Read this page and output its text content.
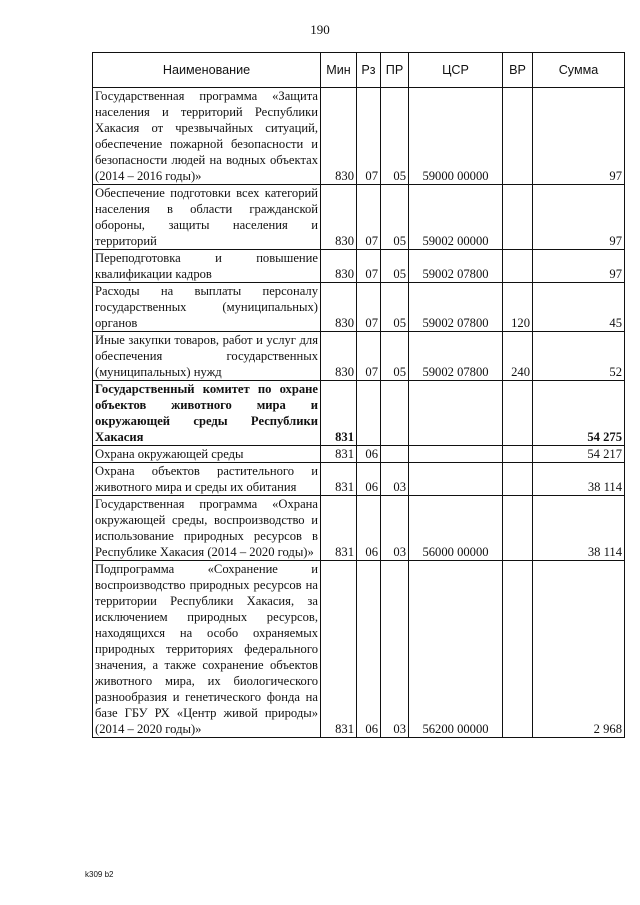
190
Наименование	Мин	Рз	ПР	ЦСР	ВР	Сумма
Государственная программа «Защита населения и территорий Республики Хакасия от чрезвычайных ситуаций, обеспечение пожарной безопасности и безопасности людей на водных объектах (2014 – 2016 годы)»	830	07	05	59000 00000		97
Обеспечение подготовки всех категорий населения в области гражданской обороны, защиты населения и территорий	830	07	05	59002 00000		97
Переподготовка и повышение квалификации кадров	830	07	05	59002 07800		97
Расходы на выплаты персоналу государственных (муниципальных) органов	830	07	05	59002 07800	120	45
Иные закупки товаров, работ и услуг для обеспечения государственных (муниципальных) нужд	830	07	05	59002 07800	240	52
Государственный комитет по охране объектов животного мира и окружающей среды Республики Хакасия	831					54 275
Охрана окружающей среды	831	06				54 217
Охрана объектов растительного и животного мира и среды их обитания	831	06	03			38 114
Государственная программа «Охрана окружающей среды, воспроизводство и использование природных ресурсов в Республике Хакасия (2014 – 2020 годы)»	831	06	03	56000 00000		38 114
Подпрограмма «Сохранение и воспроизводство природных ресурсов на территории Республики Хакасия, за исключением природных ресурсов, находящихся на особо охраняемых природных территориях федерального значения, а также сохранение объектов животного мира, их биологического разнообразия и генетического фонда на базе ГБУ РХ «Центр живой природы» (2014 – 2020 годы)»	831	06	03	56200 00000		2 968
k309 b2
